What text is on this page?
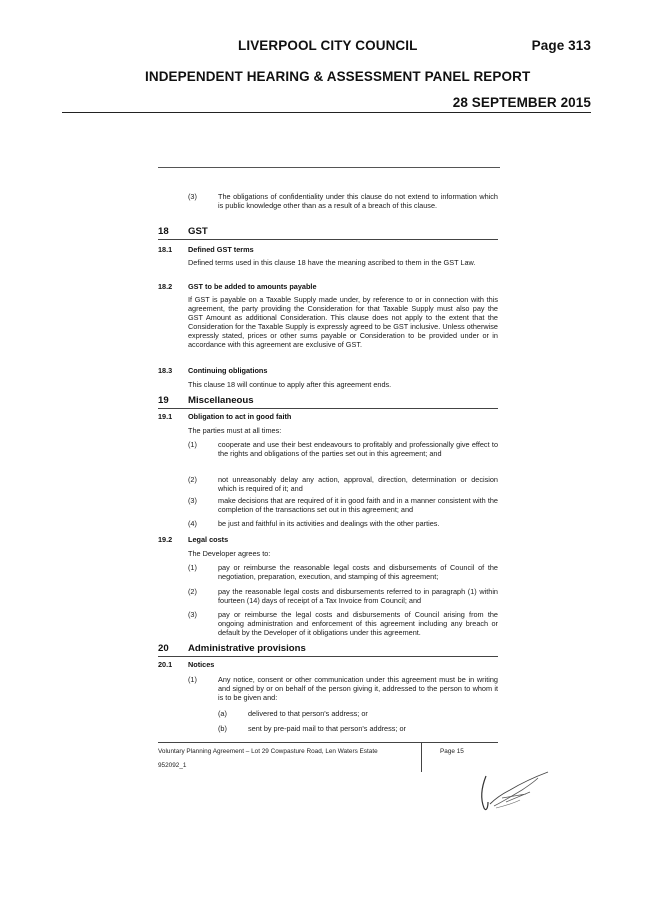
LIVERPOOL CITY COUNCIL	Page 313
INDEPENDENT HEARING & ASSESSMENT PANEL REPORT
28 SEPTEMBER 2015
(3)	The obligations of confidentiality under this clause do not extend to information which is public knowledge other than as a result of a breach of this clause.
18 GST
18.1 Defined GST terms
Defined terms used in this clause 18 have the meaning ascribed to them in the GST Law.
18.2 GST to be added to amounts payable
If GST is payable on a Taxable Supply made under, by reference to or in connection with this agreement, the party providing the Consideration for that Taxable Supply must also pay the GST Amount as additional Consideration. This clause does not apply to the extent that the Consideration for the Taxable Supply is expressly agreed to be GST inclusive. Unless otherwise expressly stated, prices or other sums payable or Consideration to be provided under or in accordance with this agreement are exclusive of GST.
18.3 Continuing obligations
This clause 18 will continue to apply after this agreement ends.
19 Miscellaneous
19.1 Obligation to act in good faith
The parties must at all times:
(1)	cooperate and use their best endeavours to profitably and professionally give effect to the rights and obligations of the parties set out in this agreement; and
(2)	not unreasonably delay any action, approval, direction, determination or decision which is required of it; and
(3)	make decisions that are required of it in good faith and in a manner consistent with the completion of the transactions set out in this agreement; and
(4)	be just and faithful in its activities and dealings with the other parties.
19.2 Legal costs
The Developer agrees to:
(1)	pay or reimburse the reasonable legal costs and disbursements of Council of the negotiation, preparation, execution, and stamping of this agreement;
(2)	pay the reasonable legal costs and disbursements referred to in paragraph (1) within fourteen (14) days of receipt of a Tax Invoice from Council; and
(3)	pay or reimburse the legal costs and disbursements of Council arising from the ongoing administration and enforcement of this agreement including any breach or default by the Developer of it obligations under this agreement.
20 Administrative provisions
20.1 Notices
(1)	Any notice, consent or other communication under this agreement must be in writing and signed by or on behalf of the person giving it, addressed to the person to whom it is to be given and:
(a)	delivered to that person's address; or
(b)	sent by pre-paid mail to that person's address; or
Voluntary Planning Agreement – Lot 29 Cowpasture Road, Len Waters Estate
952092_1
Page 15
